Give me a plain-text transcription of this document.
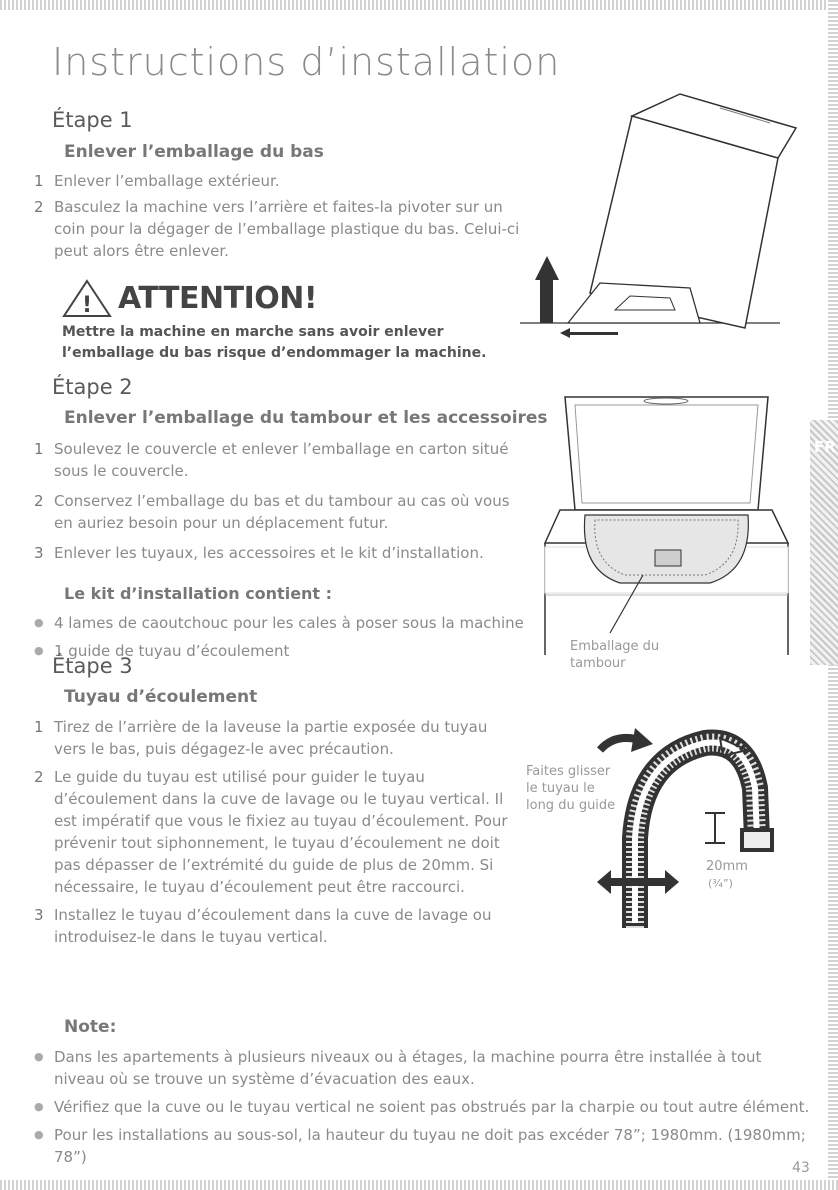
FR
Instructions d’installation
Étape 1
Enlever l’emballage du bas
1 Enlever l’emballage extérieur.
2 Basculez la machine vers l’arrière et faites-la pivoter sur un coin pour la dégager de l’emballage plastique du bas. Celui-ci peut alors être enlever.
! ATTENTION!
Mettre la machine en marche sans avoir enlever l’emballage du bas risque d’endommager la machine.
Étape 2
Enlever l’emballage du tambour et les accessoires
1 Soulevez le couvercle et enlever l’emballage en carton situé sous le couvercle.
2 Conservez l’emballage du bas et du tambour au cas où vous en auriez besoin pour un déplacement futur.
3 Enlever les tuyaux, les accessoires et le kit d’installation.
Le kit d’installation contient :
● 4 lames de caoutchouc pour les cales à poser sous la machine
● 1 guide de tuyau d’écoulement	Emballage du tambour
Étape 3
Tuyau d’écoulement
1 Tirez de l’arrière de la laveuse la partie exposée du tuyau vers le bas, puis dégagez-le avec précaution.
2 Le guide du tuyau est utilisé pour guider le tuyau d’écoulement dans la cuve de lavage ou le tuyau vertical. Il est impératif que vous le fixiez au tuyau d’écoulement. Pour prévenir tout siphonnement, le tuyau d’écoulement ne doit pas dépasser de l’extrémité du guide de plus de 20mm. Si nécessaire, le tuyau d’écoulement peut être raccourci.
3 Installez le tuyau d’écoulement dans la cuve de lavage ou introduisez-le dans le tuyau vertical.
Faites glisser le tuyau le long du guide
20mm
(¾”)
Note:
● Dans les apartements à plusieurs niveaux ou à étages, la machine pourra être installée à tout niveau où se trouve un système d’évacuation des eaux.
● Vérifiez que la cuve ou le tuyau vertical ne soient pas obstrués par la charpie ou tout autre élément.
● Pour les installations au sous-sol, la hauteur du tuyau ne doit pas excéder 78”; 1980mm. (1980mm; 78”)
43
